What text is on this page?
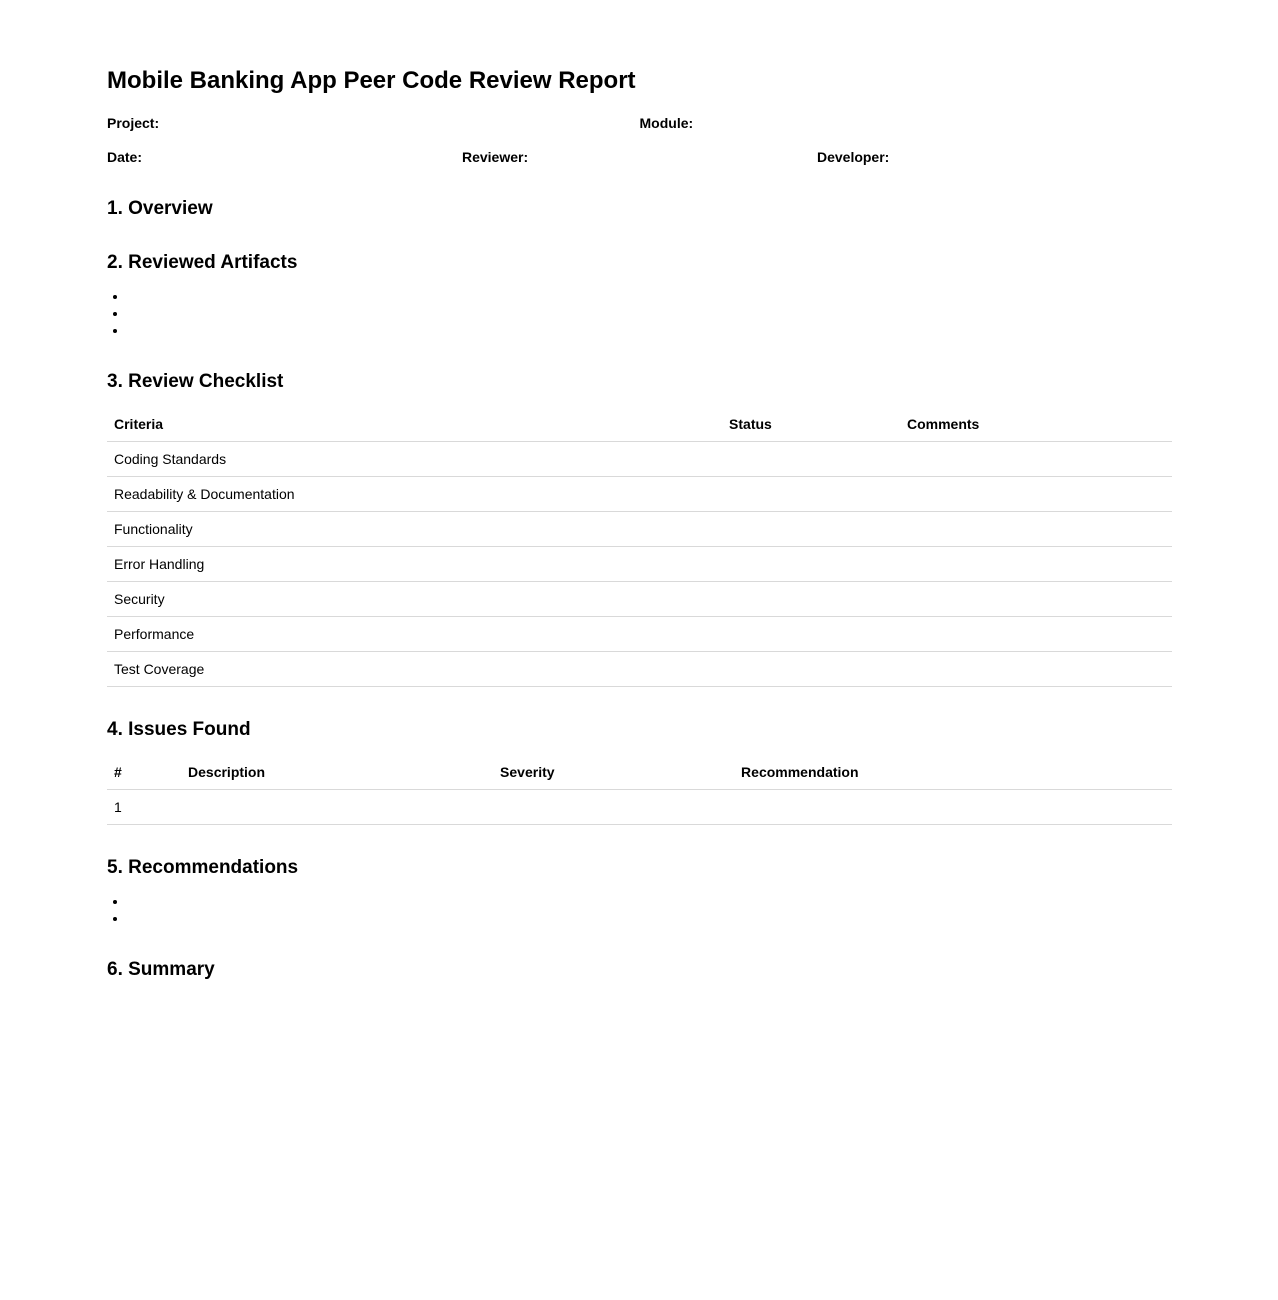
Mobile Banking App Peer Code Review Report
Project:	Module:
Date:	Reviewer:	Developer:
1. Overview
2. Reviewed Artifacts
•
•
•
3. Review Checklist
Criteria	Status	Comments
Coding Standards		
Readability & Documentation		
Functionality		
Error Handling		
Security		
Performance		
Test Coverage		
4. Issues Found
#	Description	Severity	Recommendation
1			
5. Recommendations
•
•
6. Summary
